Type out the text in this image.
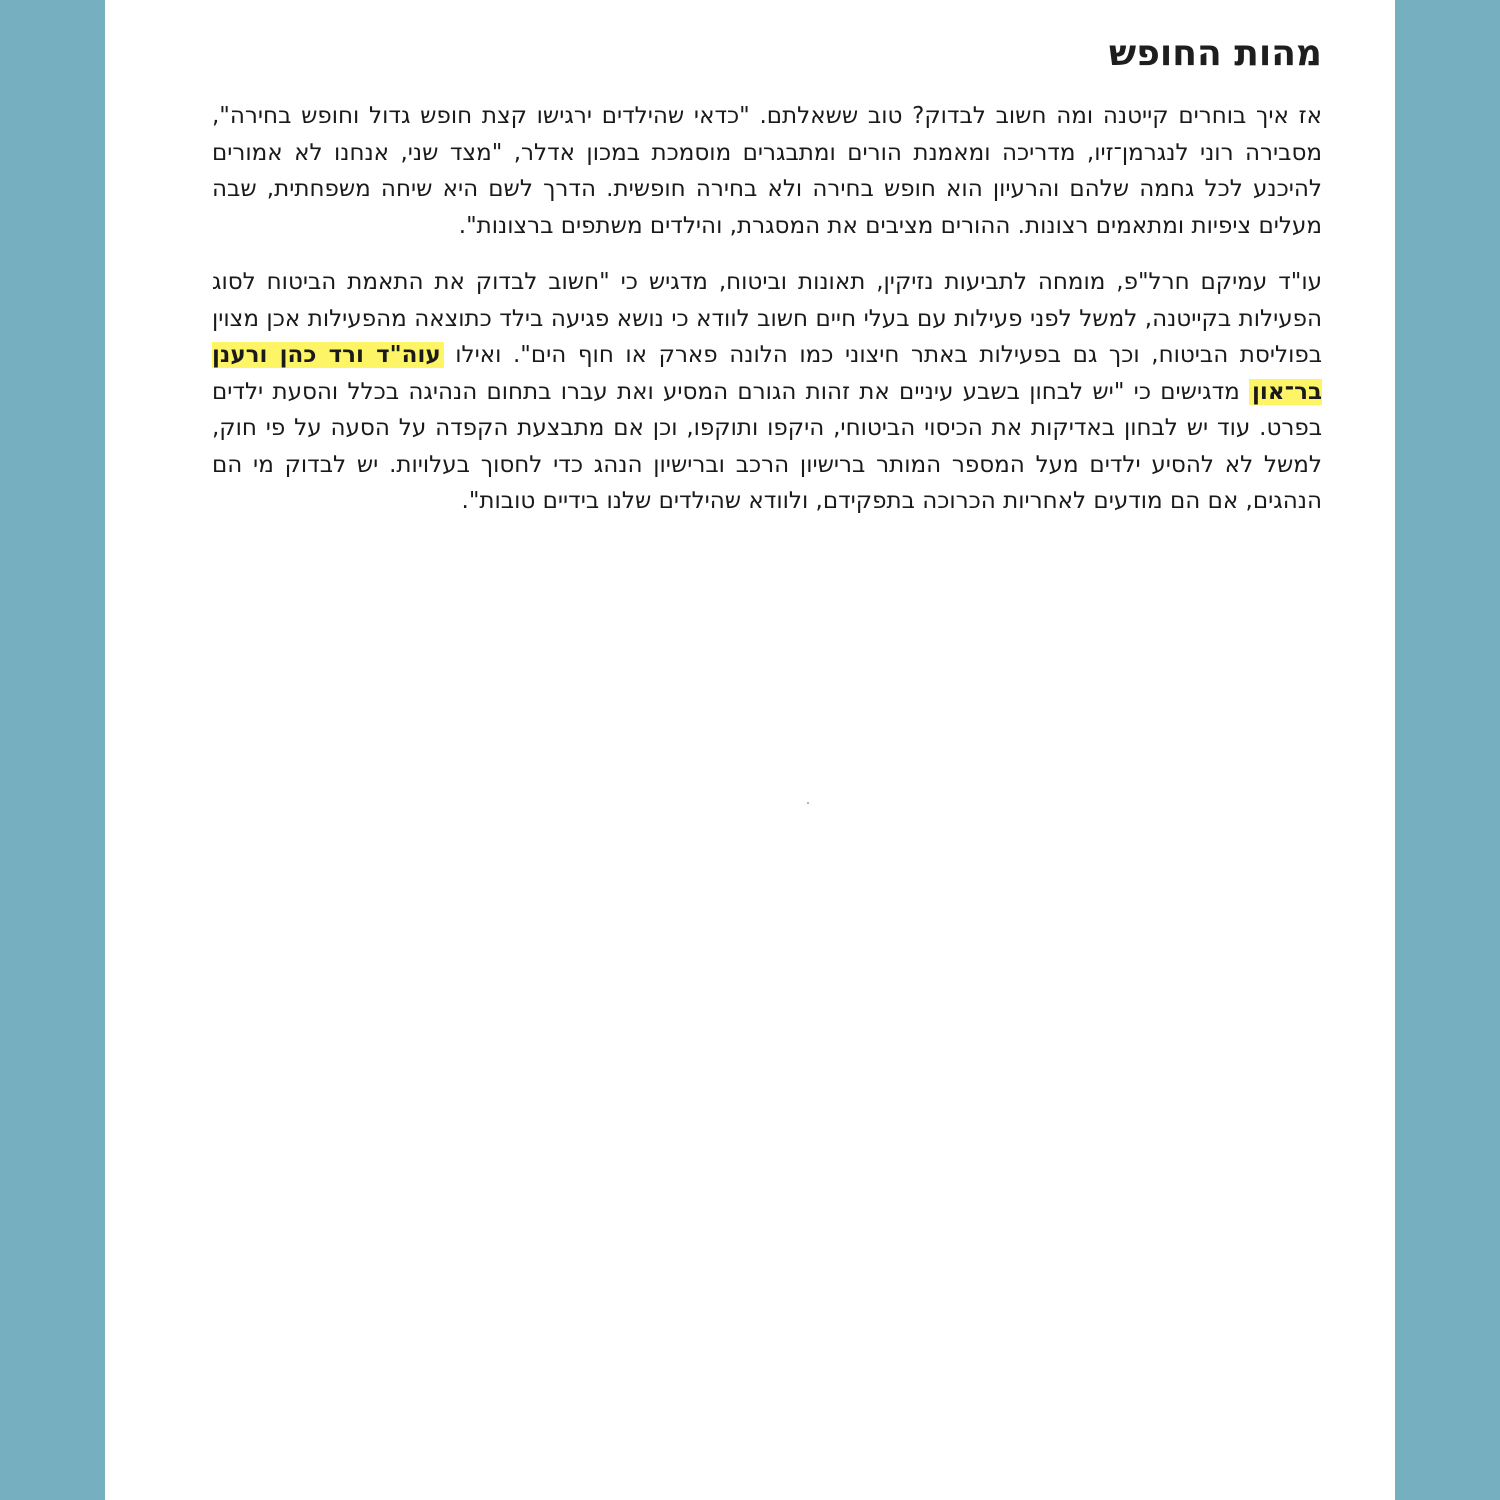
מהות החופש

אז איך בוחרים קייטנה ומה חשוב לבדוק? טוב ששאלתם. "כדאי שהילדים ירגישו קצת חופש גדול וחופש בחירה", מסבירה רוני לנגרמן־זיו, מדריכה ומאמנת הורים ומתבגרים מוסמכת במכון אדלר, "מצד שני, אנחנו לא אמורים להיכנע לכל גחמה שלהם והרעיון הוא חופש בחירה ולא בחירה חופשית. הדרך לשם היא שיחה משפחתית, שבה מעלים ציפיות ומתאמים רצונות. ההורים מציבים את המסגרת, והילדים משתפים ברצונות".

עו"ד עמיקם חרל"פ, מומחה לתביעות נזיקין, תאונות וביטוח, מדגיש כי "חשוב לבדוק את התאמת הביטוח לסוג הפעילות בקייטנה, למשל לפני פעילות עם בעלי חיים חשוב לוודא כי נושא פגיעה בילד כתוצאה מהפעילות אכן מצוין בפוליסת הביטוח, וכך גם בפעילות באתר חיצוני כמו הלונה פארק או חוף הים". ואילו עוה"ד ורד כהן ורענן בר־און מדגישים כי "יש לבחון בשבע עיניים את זהות הגורם המסיע ואת עברו בתחום הנהיגה בכלל והסעת ילדים בפרט. עוד יש לבחון באדיקות את הכיסוי הביטוחי, היקפו ותוקפו, וכן אם מתבצעת הקפדה על הסעה על פי חוק, למשל לא להסיע ילדים מעל המספר המותר ברישיון הרכב וברישיון הנהג כדי לחסוך בעלויות. יש לבדוק מי הם הנהגים, אם הם מודעים לאחריות הכרוכה בתפקידם, ולוודא שהילדים שלנו בידיים טובות".
